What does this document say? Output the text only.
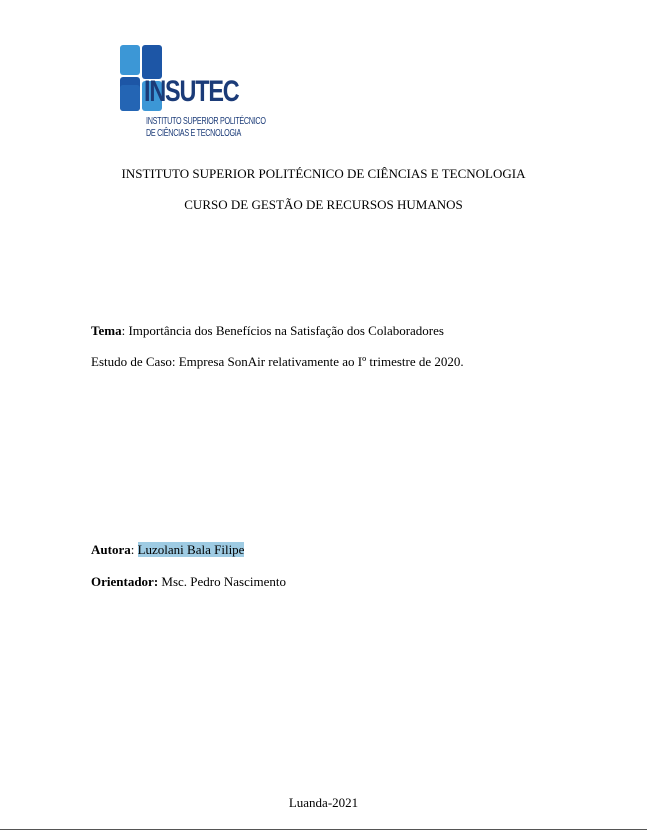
INSUTEC
INSTITUTO SUPERIOR POLITÉCNICO
DE CIÊNCIAS E TECNOLOGIA
INSTITUTO SUPERIOR POLITÉCNICO DE CIÊNCIAS E TECNOLOGIA
CURSO DE GESTÃO DE RECURSOS HUMANOS
Tema: Importância dos Benefícios na Satisfação dos Colaboradores
Estudo de Caso: Empresa SonAir relativamente ao Iº trimestre de 2020.
Autora: Luzolani Bala Filipe
Orientador: Msc. Pedro Nascimento
Luanda-2021
